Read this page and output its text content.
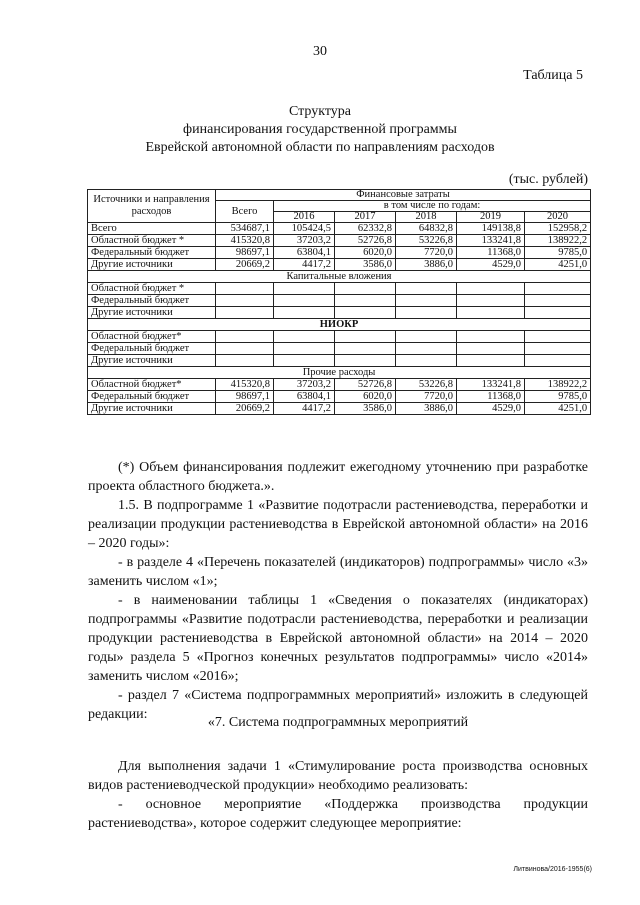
30
Таблица 5
Структура
финансирования государственной программы
Еврейской автономной области по направлениям расходов
(тыс. рублей)
Источники и направления расходов	Финансовые затраты					
	Всего	в том числе по годам:				
		2016	2017	2018	2019	2020
Всего	534687,1	105424,5	62332,8	64832,8	149138,8	152958,2
Областной бюджет *	415320,8	37203,2	52726,8	53226,8	133241,8	138922,2
Федеральный бюджет	98697,1	63804,1	6020,0	7720,0	11368,0	9785,0
Другие источники	20669,2	4417,2	3586,0	3886,0	4529,0	4251,0
Капитальные вложения						
Областной бюджет *						
Федеральный бюджет						
Другие источники						
НИОКР						
Областной бюджет*						
Федеральный бюджет						
Другие источники						
Прочие расходы						
Областной бюджет*	415320,8	37203,2	52726,8	53226,8	133241,8	138922,2
Федеральный бюджет	98697,1	63804,1	6020,0	7720,0	11368,0	9785,0
Другие источники	20669,2	4417,2	3586,0	3886,0	4529,0	4251,0

(*) Объем финансирования подлежит ежегодному уточнению при разработке проекта областного бюджета.».

1.5. В подпрограмме 1 «Развитие подотрасли растениеводства, переработки и реализации продукции растениеводства в Еврейской автономной области» на 2016 – 2020 годы»:

- в разделе 4 «Перечень показателей (индикаторов) подпрограммы» число «3» заменить числом «1»;

- в наименовании таблицы 1 «Сведения о показателях (индикаторах) подпрограммы «Развитие подотрасли растениеводства, переработки и реализации продукции растениеводства в Еврейской автономной области» на 2014 – 2020 годы» раздела 5 «Прогноз конечных результатов подпрограммы» число «2014» заменить числом «2016»;

- раздел 7 «Система подпрограммных мероприятий» изложить в следующей редакции:

«7. Система подпрограммных мероприятий

Для выполнения задачи 1 «Стимулирование роста производства основных видов растениеводческой продукции» необходимо реализовать:

- основное мероприятие «Поддержка производства продукции растениеводства», которое содержит следующее мероприятие:

Литвинова/2016-1955(6)
